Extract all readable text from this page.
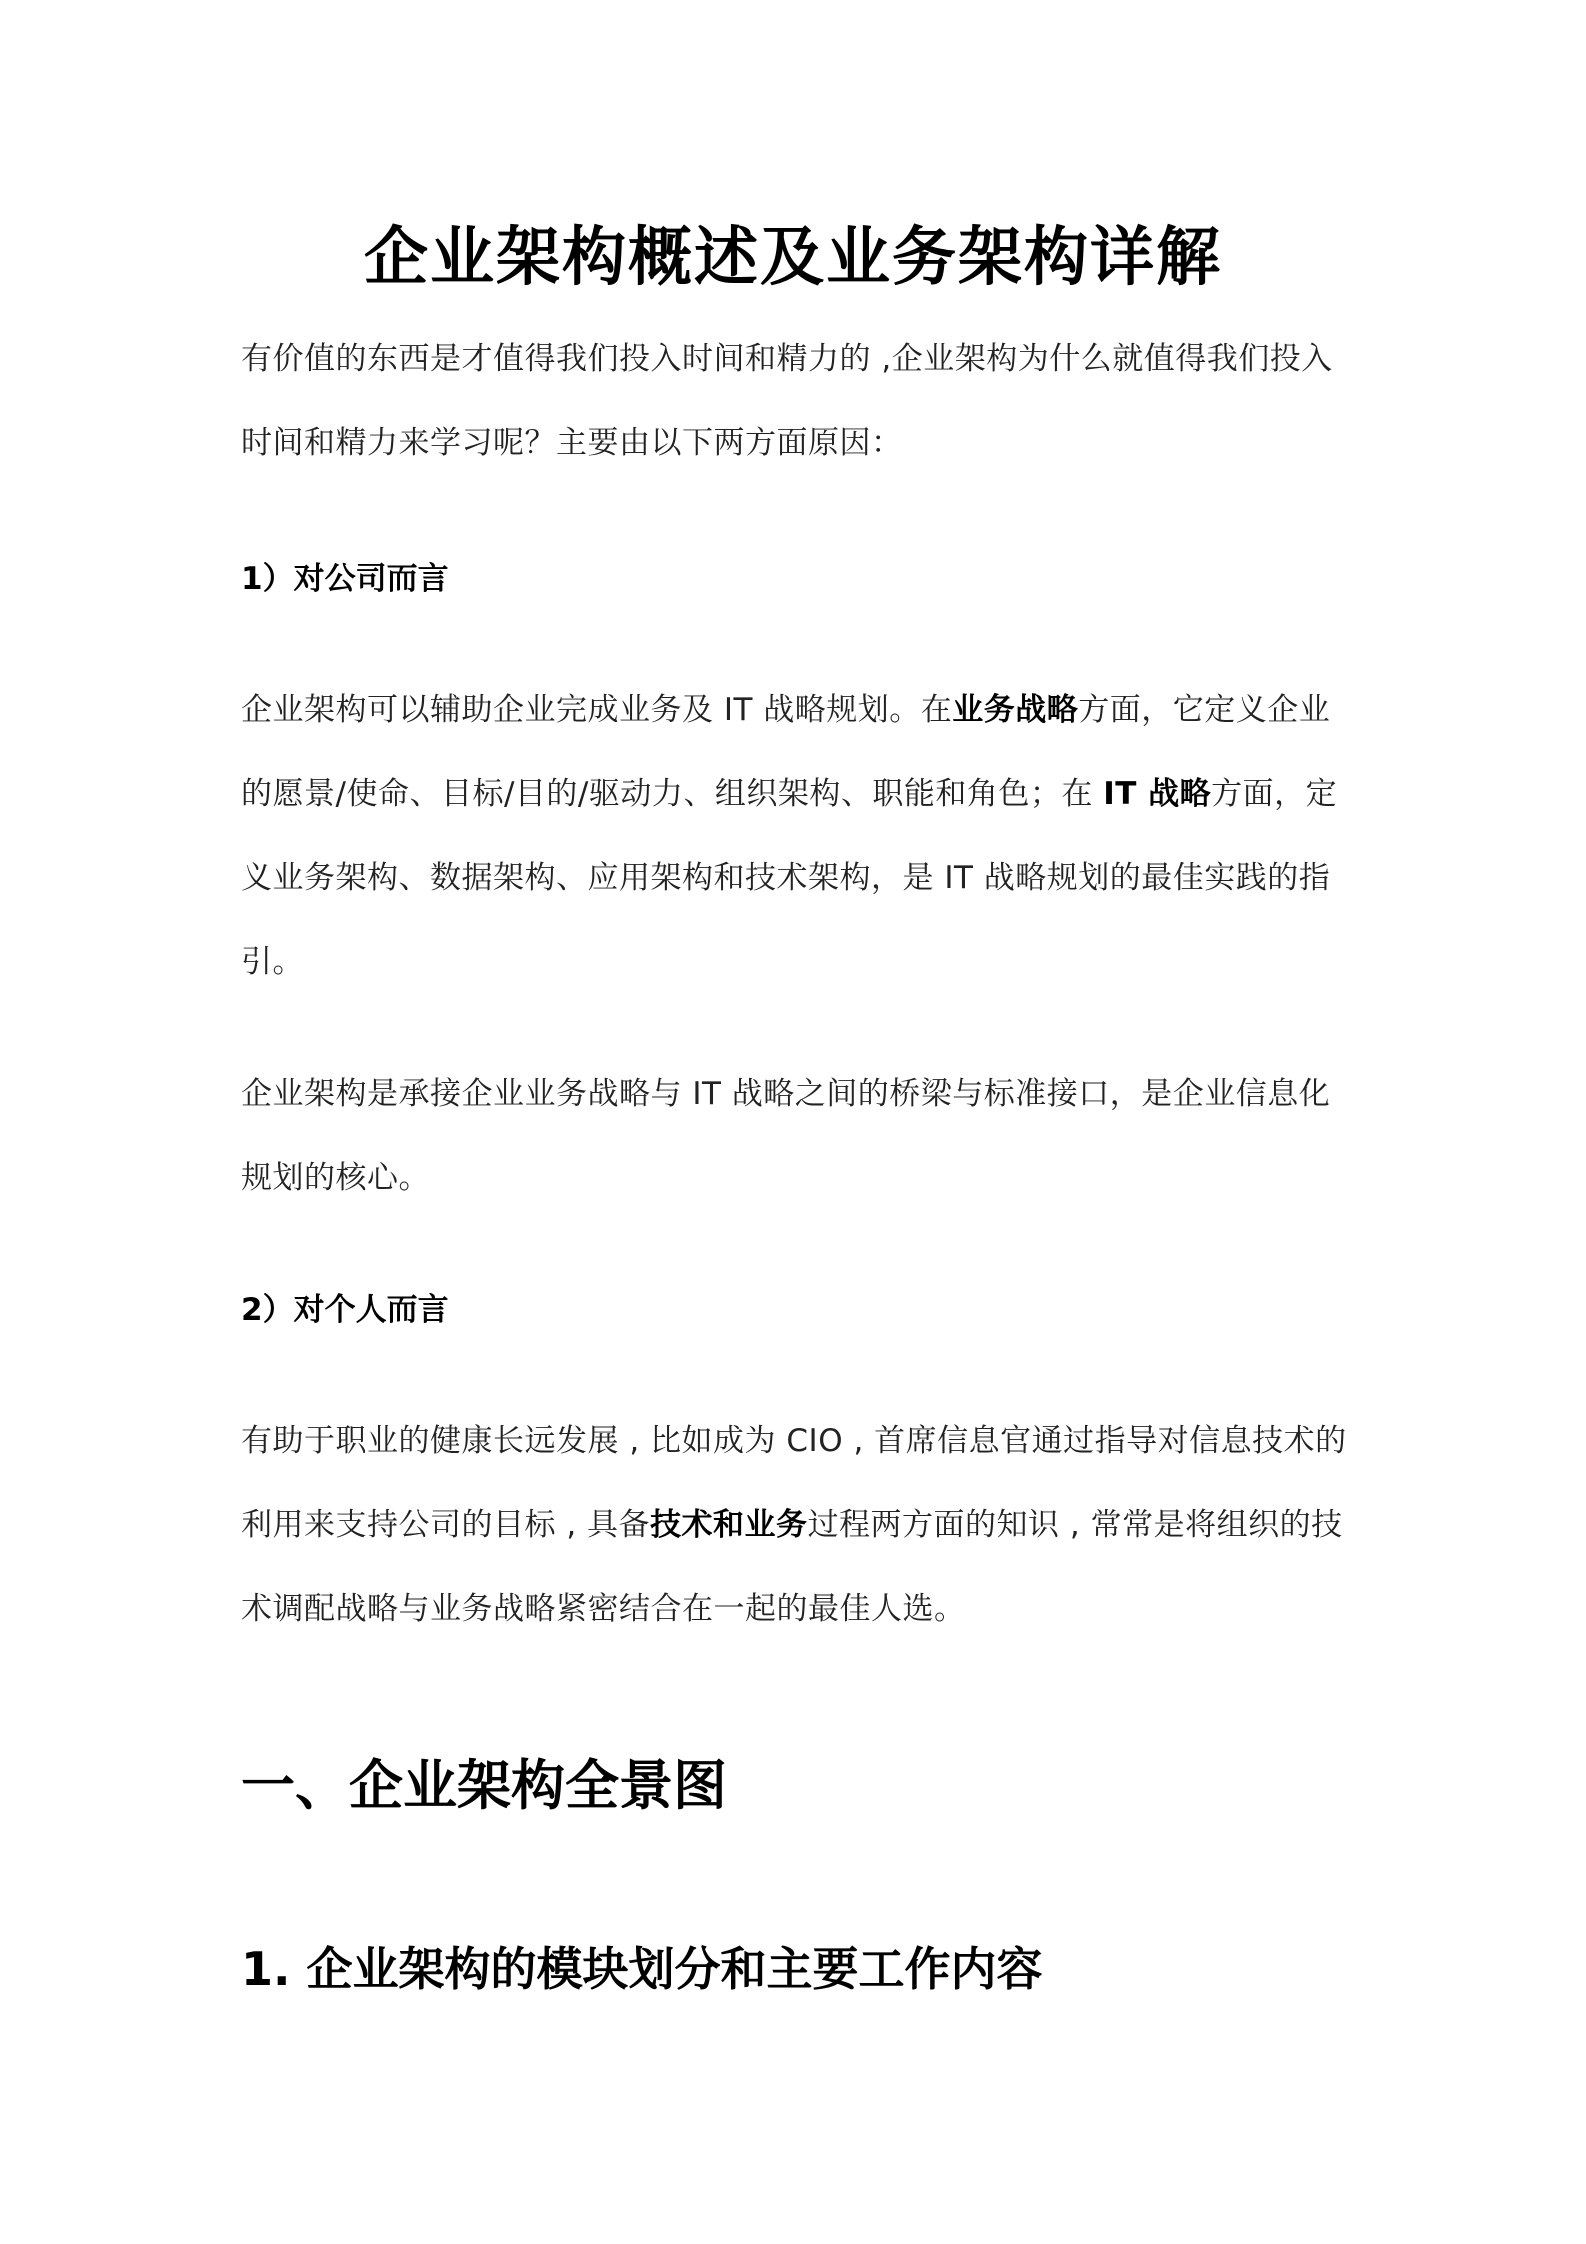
企业架构概述及业务架构详解

有价值的东西是才值得我们投入时间和精力的 ,企业架构为什么就值得我们投入时间和精力来学习呢？主要由以下两方面原因：

1）对公司而言

企业架构可以辅助企业完成业务及 IT 战略规划。在业务战略方面，它定义企业的愿景/使命、目标/目的/驱动力、组织架构、职能和角色；在 IT 战略方面，定义业务架构、数据架构、应用架构和技术架构，是 IT 战略规划的最佳实践的指引。

企业架构是承接企业业务战略与 IT 战略之间的桥梁与标准接口，是企业信息化规划的核心。

2）对个人而言

有助于职业的健康长远发展 , 比如成为 CIO , 首席信息官通过指导对信息技术的利用来支持公司的目标 , 具备技术和业务过程两方面的知识 , 常常是将组织的技术调配战略与业务战略紧密结合在一起的最佳人选。

一、企业架构全景图
1. 企业架构的模块划分和主要工作内容
